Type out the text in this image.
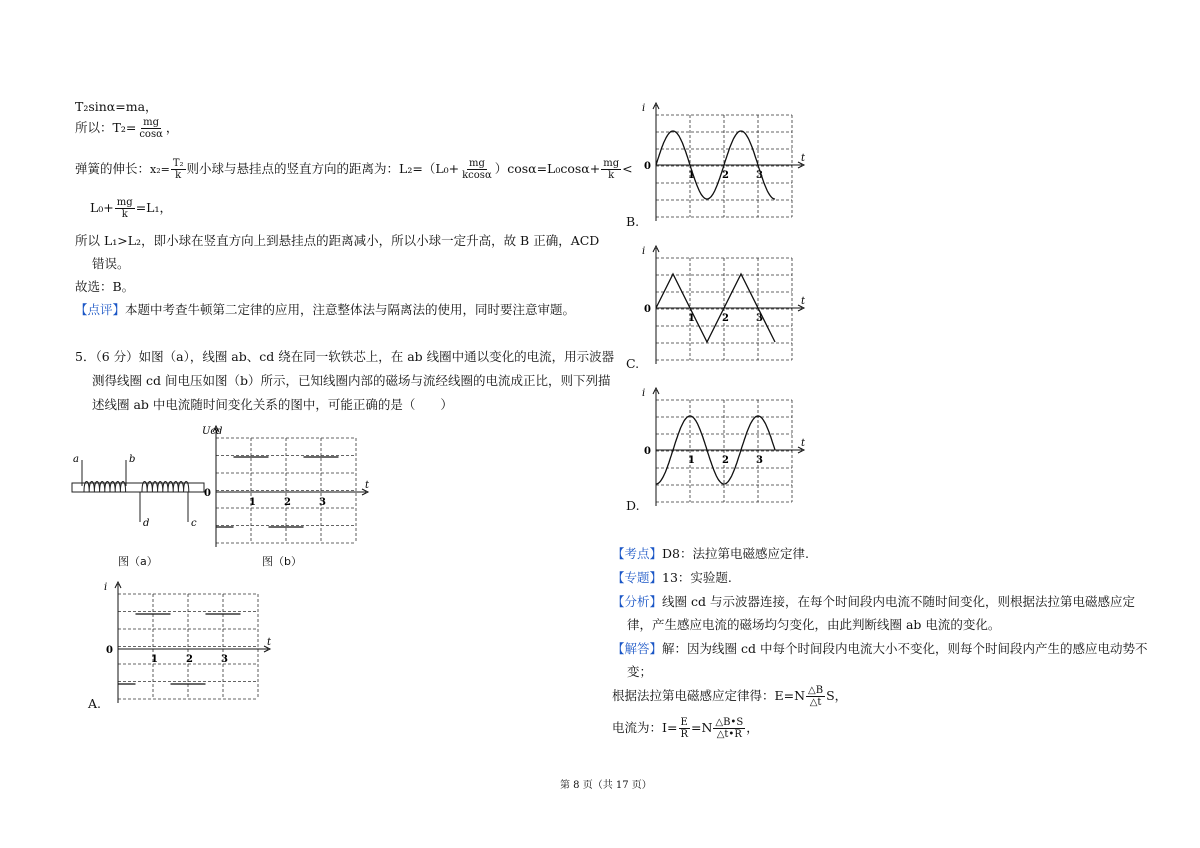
T₂sinα=ma，
所以：$T_2= \frac{mg}{\cos\alpha}$ ，
弹簧的伸长：$x_2= \frac{\text{T₂}}{k}$ 则小球与悬挂点的竖直方向的距离为：$L_2=(L_0+ \frac{mg}{kcos\alpha} )\cos\alpha=L_0\cos\alpha+ \frac{mg}{k}$ <
$L_0+ \frac{mg}{k} =L_1$，
所以 L₁>L₂，即小球在竖直方向上到悬挂点的距离减小，所以小球一定升高，故 B 正确，ACD
错误。
故选：B。
【点评】本题中考查牛顿第二定律的应用，注意整体法与隔离法的使用，同时要注意审题。
5．（6 分）如图（a），线圈 ab、cd 绕在同一软铁芯上，在 ab 线圈中通以变化的电流，用示波器
测得线圈 cd 间电压如图（b）所示，已知线圈内部的磁场与流经线圈的电流成正比，则下列描
述线圈 ab 中电流随时间变化关系的图中，可能正确的是（　　）
a	b
d	c
图（a）
Ucd
t
0
1	2	3
图（b）
i
t
0
1	2	3
A.
i
t
0
1	2	3
B.
i
t
0
1	2	3
C.
i
t
0
1	2	3
D.
【考点】D8：法拉第电磁感应定律.
【专题】13：实验题.
【分析】线圈 cd 与示波器连接，在每个时间段内电流不随时间变化，则根据法拉第电磁感应定
律，产生感应电流的磁场均匀变化，由此判断线圈 ab 电流的变化。
【解答】解：因为线圈 cd 中每个时间段内电流大小不变化，则每个时间段内产生的感应电动势不
变；
根据法拉第电磁感应定律得：$E=N \frac{\triangle B}{\triangle t}$ S，
电流为：$I= \frac{E}{R} =N \frac{\triangle B•S}{\triangle t•R}$ ，
第 8 页（共 17 页）
